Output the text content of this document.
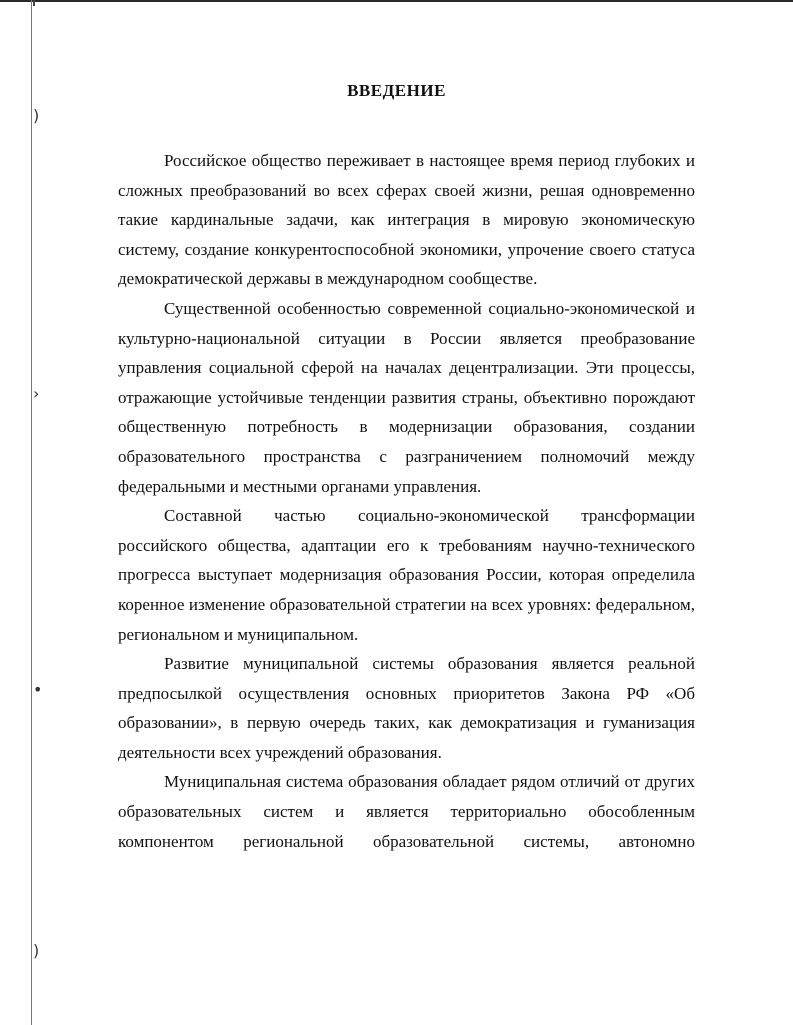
)
›
•
)
ВВЕДЕНИЕ

Российское общество переживает в настоящее время период глубоких и сложных преобразований во всех сферах своей жизни, решая одновременно такие кардинальные задачи, как интеграция в мировую экономическую систему, создание конкурентоспособной экономики, упрочение своего статуса демократической державы в международном сообществе.

Существенной особенностью современной социально-экономической и культурно-национальной ситуации в России является преобразование управления социальной сферой на началах децентрализации. Эти процессы, отражающие устойчивые тенденции развития страны, объективно порождают общественную потребность в модернизации образования, создании образовательного пространства с разграничением полномочий между федеральными и местными органами управления.

Составной частью социально-экономической трансформации российского общества, адаптации его к требованиям научно-технического прогресса выступает модернизация образования России, которая определила коренное изменение образовательной стратегии на всех уровнях: федеральном, региональном и муниципальном.

Развитие муниципальной системы образования является реальной предпосылкой осуществления основных приоритетов Закона РФ «Об образовании», в первую очередь таких, как демократизация и гуманизация деятельности всех учреждений образования.

Муниципальная система образования обладает рядом отличий от других образовательных систем и является территориально обособленным компонентом региональной образовательной системы, автономно
